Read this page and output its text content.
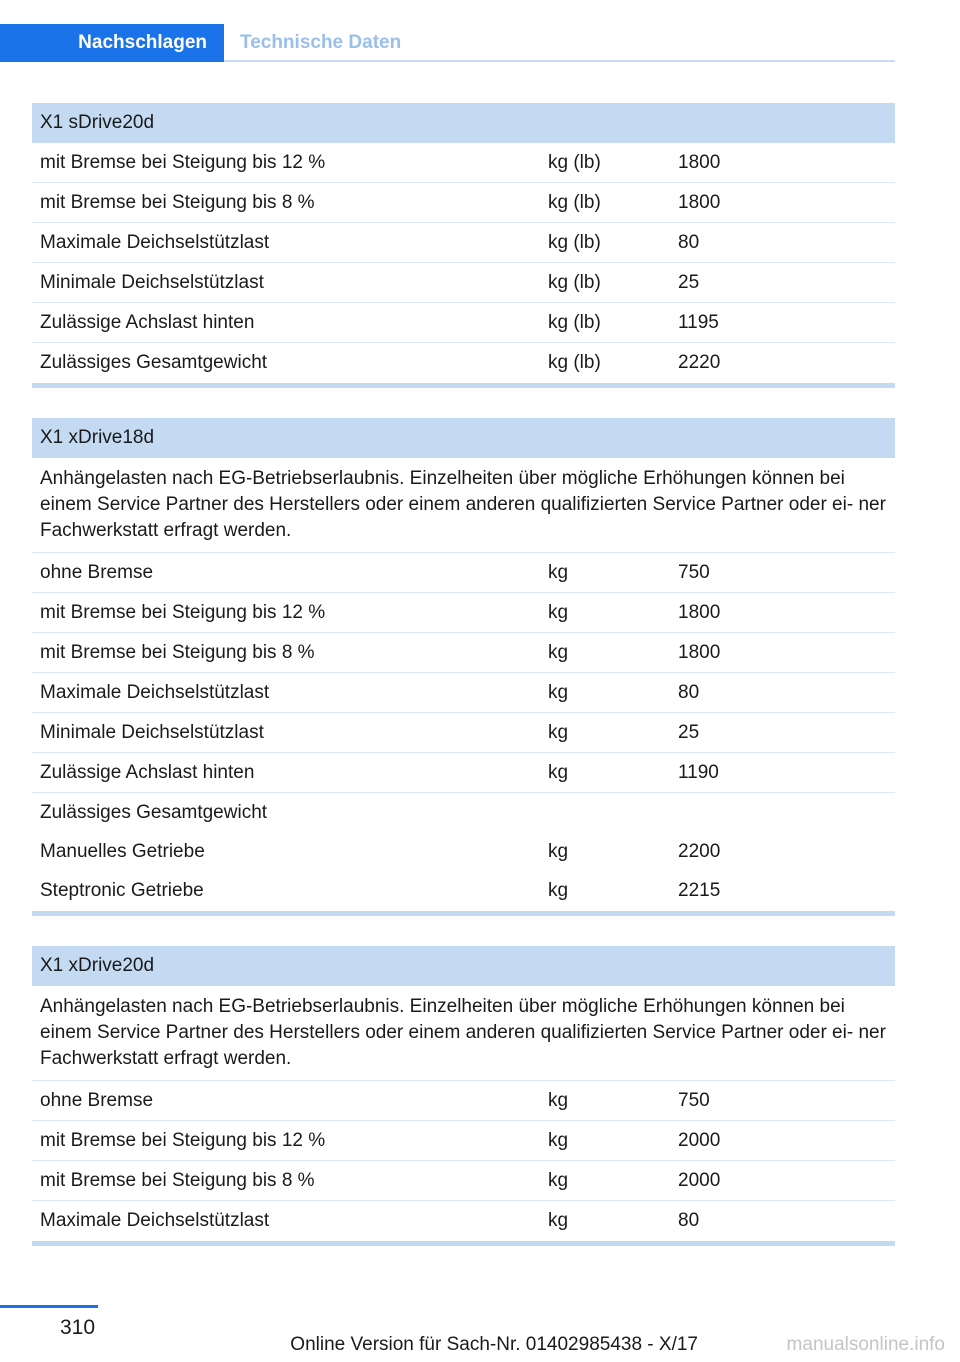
Nachschlagen	Technische Daten
X1 sDrive20d
mit Bremse bei Steigung bis 12 %	kg (lb)	1800
mit Bremse bei Steigung bis 8 %	kg (lb)	1800
Maximale Deichselstützlast	kg (lb)	80
Minimale Deichselstützlast	kg (lb)	25
Zulässige Achslast hinten	kg (lb)	1195
Zulässiges Gesamtgewicht	kg (lb)	2220
X1 xDrive18d
Anhängelasten nach EG-Betriebserlaubnis. Einzelheiten über mögliche Erhöhungen können bei einem Service Partner des Herstellers oder einem anderen qualifizierten Service Partner oder ei‐ ner Fachwerkstatt erfragt werden.
ohne Bremse	kg	750
mit Bremse bei Steigung bis 12 %	kg	1800
mit Bremse bei Steigung bis 8 %	kg	1800
Maximale Deichselstützlast	kg	80
Minimale Deichselstützlast	kg	25
Zulässige Achslast hinten	kg	1190
Zulässiges Gesamtgewicht
Manuelles Getriebe	kg	2200
Steptronic Getriebe	kg	2215
X1 xDrive20d
Anhängelasten nach EG-Betriebserlaubnis. Einzelheiten über mögliche Erhöhungen können bei einem Service Partner des Herstellers oder einem anderen qualifizierten Service Partner oder ei‐ ner Fachwerkstatt erfragt werden.
ohne Bremse	kg	750
mit Bremse bei Steigung bis 12 %	kg	2000
mit Bremse bei Steigung bis 8 %	kg	2000
Maximale Deichselstützlast	kg	80
310
Online Version für Sach-Nr. 01402985438 - X/17	manualsonline.info
